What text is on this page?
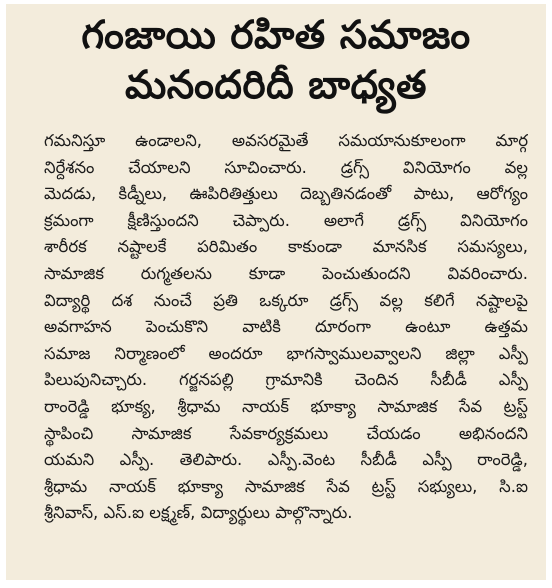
గంజాయి రహిత సమాజం
మనందరిదీ బాధ్యత
గమనిస్తూ ఉండాలని, అవసరమైతే సమయానుకూలంగా మార్గ
నిర్దేశనం చేయాలని సూచించారు. డ్రగ్స్ వినియోగం వల్ల
మెదడు, కిడ్నీలు, ఊపిరితిత్తులు దెబ్బతినడంతో పాటు, ఆరోగ్యం
క్రమంగా క్షీణిస్తుందని చెప్పారు. అలాగే డ్రగ్స్ వినియోగం
శారీరక నష్టాలకే పరిమితం కాకుండా మానసిక సమస్యలు,
సామాజిక రుగ్మతలను కూడా పెంచుతుందని వివరించారు.
విద్యార్థి దశ నుంచే ప్రతి ఒక్కరూ డ్రగ్స్ వల్ల కలిగే నష్టాలపై
అవగాహన పెంచుకొని వాటికి దూరంగా ఉంటూ ఉత్తమ
సమాజ నిర్మాణంలో అందరూ భాగస్వాములవ్వాలని జిల్లా ఎస్పీ
పిలుపునిచ్చారు. గర్జనపల్లి గ్రామానికి చెందిన సీబీడీ ఎస్పీ
రాంరెడ్డి భూక్య, శ్రీధామ నాయక్ భూక్యా సామాజిక సేవ ట్రస్ట్
స్థాపించి సామాజిక సేవకార్యక్రమలు చేయడం అభినందని
యమని ఎస్పీ. తెలిపారు. ఎస్పీ.వెంట సీబీడీ ఎస్పీ రాంరెడ్డి,
శ్రీధామ నాయక్ భూక్యా సామాజిక సేవ ట్రస్ట్ సభ్యులు, సి.ఐ
శ్రీనివాస్, ఎస్.ఐ లక్ష్మణ్, విద్యార్థులు పాల్గొన్నారు.
